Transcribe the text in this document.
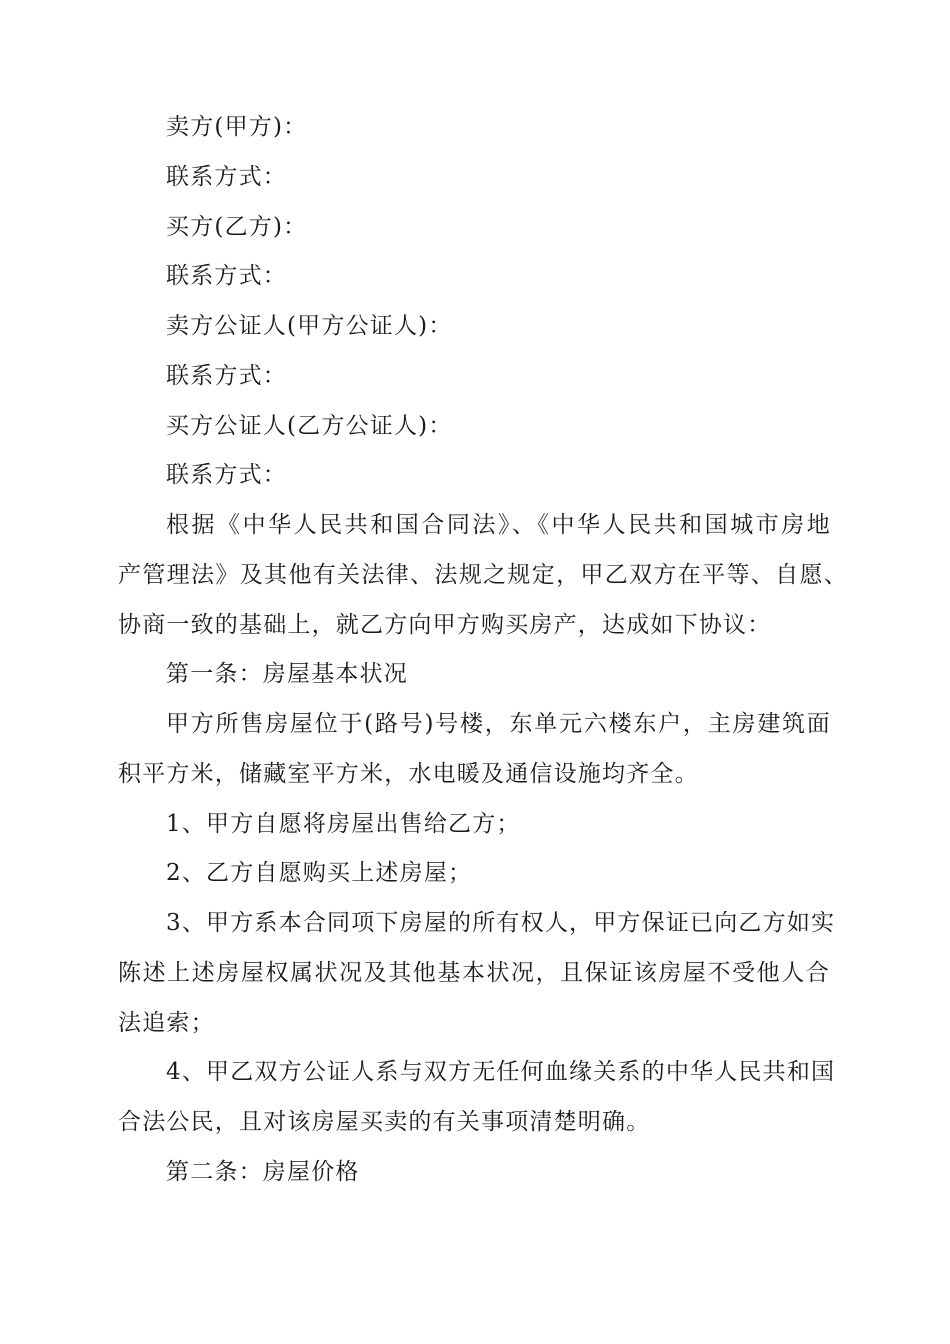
卖方(甲方)：
联系方式：
买方(乙方)：
联系方式：
卖方公证人(甲方公证人)：
联系方式：
买方公证人(乙方公证人)：
联系方式：
根据《中华人民共和国合同法》、《中华人民共和国城市房地
产管理法》及其他有关法律、法规之规定，甲乙双方在平等、自愿、
协商一致的基础上，就乙方向甲方购买房产，达成如下协议：
第一条：房屋基本状况
甲方所售房屋位于(路号)号楼，东单元六楼东户，主房建筑面
积平方米，储藏室平方米，水电暖及通信设施均齐全。
1、甲方自愿将房屋出售给乙方；
2、乙方自愿购买上述房屋；
3、甲方系本合同项下房屋的所有权人，甲方保证已向乙方如实
陈述上述房屋权属状况及其他基本状况，且保证该房屋不受他人合
法追索；
4、甲乙双方公证人系与双方无任何血缘关系的中华人民共和国
合法公民，且对该房屋买卖的有关事项清楚明确。
第二条：房屋价格
